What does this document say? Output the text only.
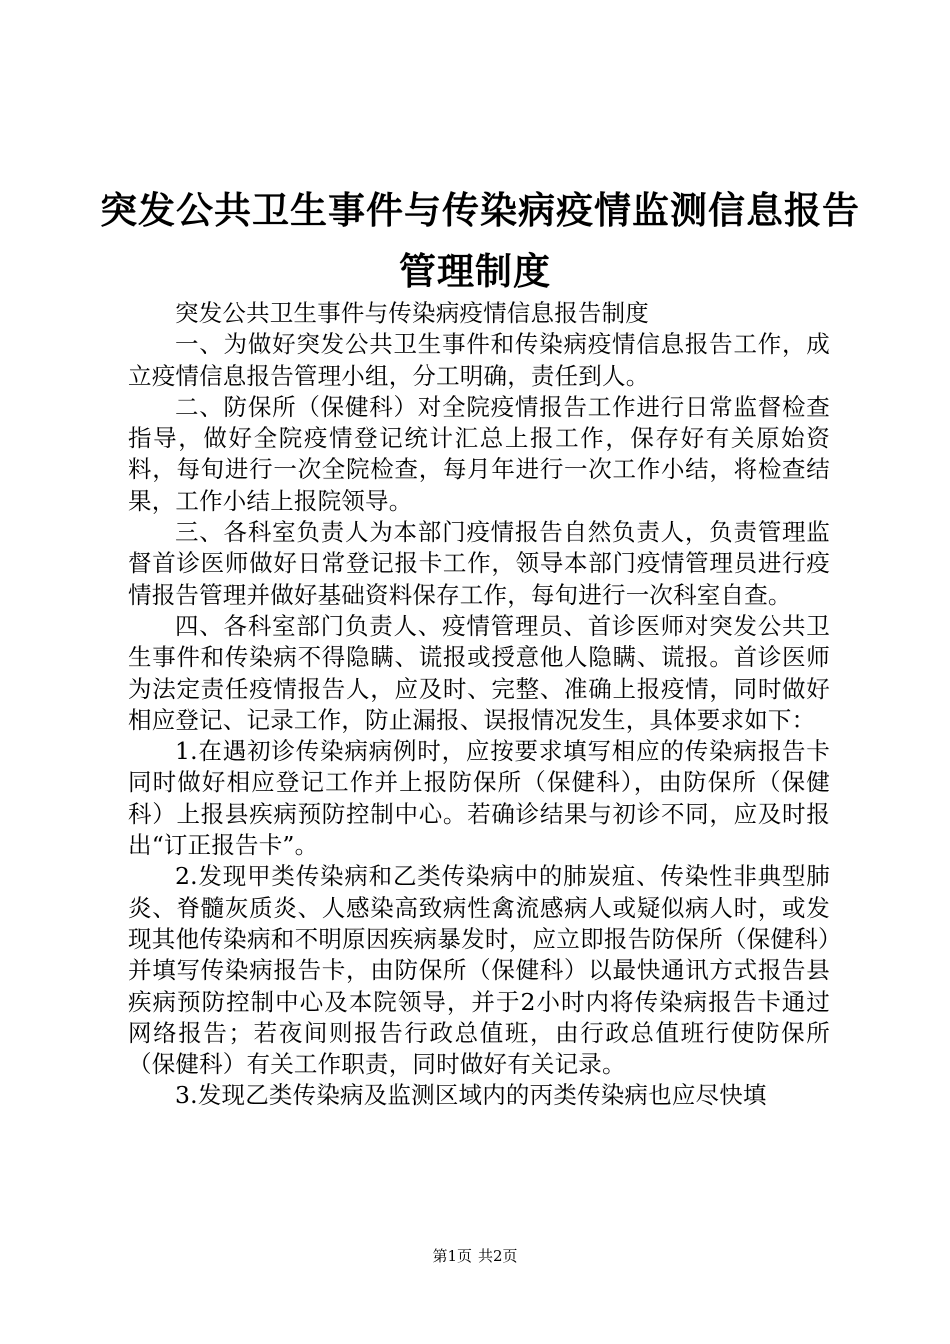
突发公共卫生事件与传染病疫情监测信息报告
管理制度

突发公共卫生事件与传染病疫情信息报告制度

一、为做好突发公共卫生事件和传染病疫情信息报告工作，成立疫情信息报告管理小组，分工明确，责任到人。

二、防保所（保健科）对全院疫情报告工作进行日常监督检查指导，做好全院疫情登记统计汇总上报工作，保存好有关原始资料，每旬进行一次全院检查，每月年进行一次工作小结，将检查结果，工作小结上报院领导。

三、各科室负责人为本部门疫情报告自然负责人，负责管理监督首诊医师做好日常登记报卡工作，领导本部门疫情管理员进行疫情报告管理并做好基础资料保存工作，每旬进行一次科室自查。

四、各科室部门负责人、疫情管理员、首诊医师对突发公共卫生事件和传染病不得隐瞒、谎报或授意他人隐瞒、谎报。首诊医师为法定责任疫情报告人，应及时、完整、准确上报疫情，同时做好相应登记、记录工作，防止漏报、误报情况发生，具体要求如下：

1.在遇初诊传染病病例时，应按要求填写相应的传染病报告卡同时做好相应登记工作并上报防保所（保健科），由防保所（保健科）上报县疾病预防控制中心。若确诊结果与初诊不同，应及时报出“订正报告卡”。

2.发现甲类传染病和乙类传染病中的肺炭疽、传染性非典型肺炎、脊髓灰质炎、人感染高致病性禽流感病人或疑似病人时，或发现其他传染病和不明原因疾病暴发时，应立即报告防保所（保健科）并填写传染病报告卡，由防保所（保健科）以最快通讯方式报告县疾病预防控制中心及本院领导，并于2小时内将传染病报告卡通过网络报告；若夜间则报告行政总值班，由行政总值班行使防保所（保健科）有关工作职责，同时做好有关记录。

3.发现乙类传染病及监测区域内的丙类传染病也应尽快填

第1页 共2页
